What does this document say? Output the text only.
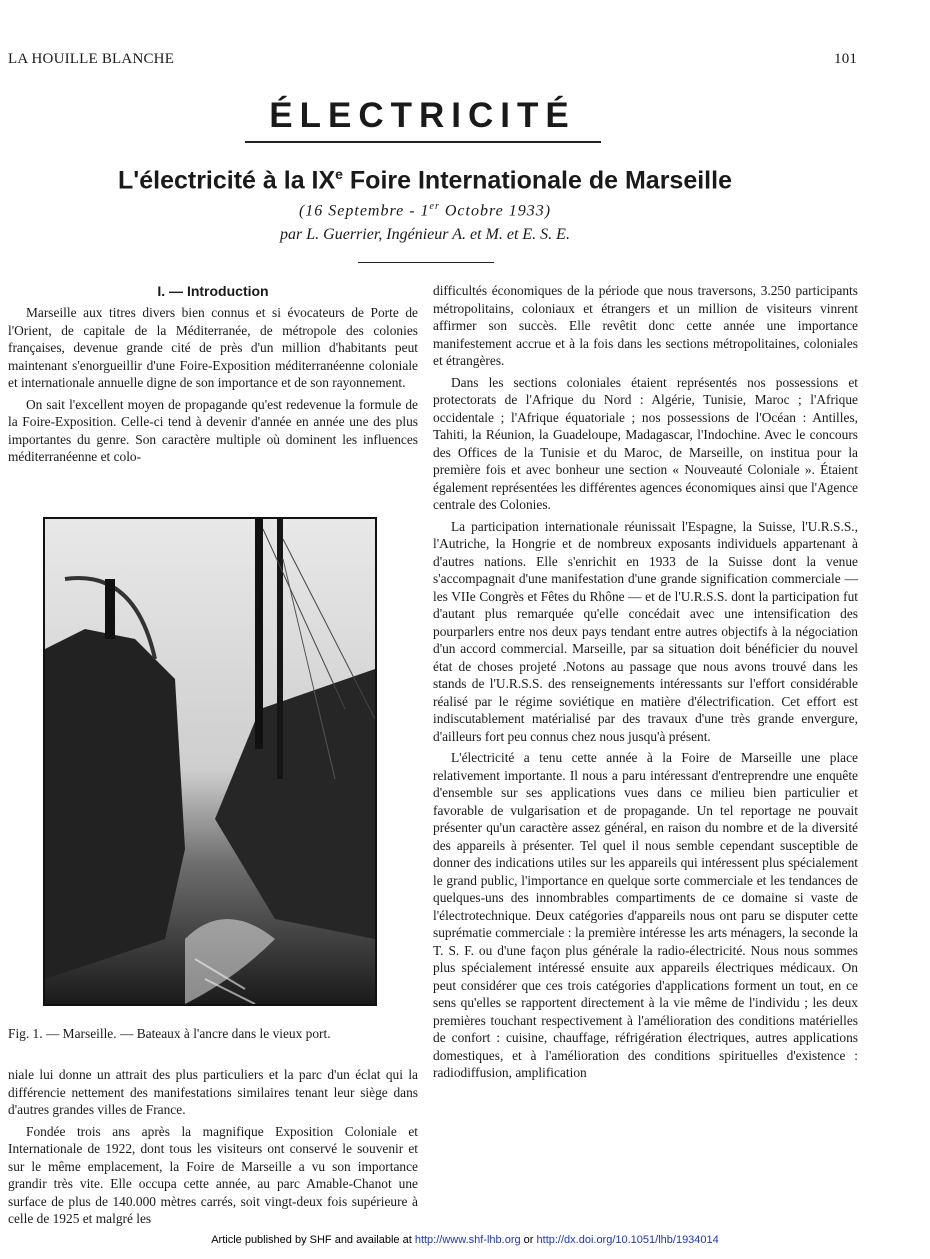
LA HOUILLE BLANCHE	101
ÉLECTRICITÉ
L'électricité à la IXe Foire Internationale de Marseille
(16 Septembre - 1er Octobre 1933)
par L. Guerrier, Ingénieur A. et M. et E. S. E.
I. — Introduction

Marseille aux titres divers bien connus et si évocateurs de Porte de l'Orient, de capitale de la Méditerranée, de métropole des colonies françaises, devenue grande cité de près d'un million d'habitants peut maintenant s'enorgueillir d'une Foire-Exposition méditerranéenne coloniale et internationale annuelle digne de son importance et de son rayonnement.

On sait l'excellent moyen de propagande qu'est redevenue la formule de la Foire-Exposition. Celle-ci tend à devenir d'année en année une des plus importantes du genre. Son caractère multiple où dominent les influences méditerranéenne et colo-

Fig. 1. — Marseille. — Bateaux à l'ancre dans le vieux port.

niale lui donne un attrait des plus particuliers et la parc d'un éclat qui la différencie nettement des manifestations similaires tenant leur siège dans d'autres grandes villes de France.

Fondée trois ans après la magnifique Exposition Coloniale et Internationale de 1922, dont tous les visiteurs ont conservé le souvenir et sur le même emplacement, la Foire de Marseille a vu son importance grandir très vite. Elle occupa cette année, au parc Amable-Chanot une surface de plus de 140.000 mètres carrés, soit vingt-deux fois supérieure à celle de 1925 et malgré les

difficultés économiques de la période que nous traversons, 3.250 participants métropolitains, coloniaux et étrangers et un million de visiteurs vinrent affirmer son succès. Elle revêtit donc cette année une importance manifestement accrue et à la fois dans les sections métropolitaines, coloniales et étrangères.

Dans les sections coloniales étaient représentés nos possessions et protectorats de l'Afrique du Nord : Algérie, Tunisie, Maroc ; l'Afrique occidentale ; l'Afrique équatoriale ; nos possessions de l'Océan : Antilles, Tahiti, la Réunion, la Guadeloupe, Madagascar, l'Indochine. Avec le concours des Offices de la Tunisie et du Maroc, de Marseille, on institua pour la première fois et avec bonheur une section « Nouveauté Coloniale ». Étaient également représentées les différentes agences économiques ainsi que l'Agence centrale des Colonies.

La participation internationale réunissait l'Espagne, la Suisse, l'U.R.S.S., l'Autriche, la Hongrie et de nombreux exposants individuels appartenant à d'autres nations. Elle s'enrichit en 1933 de la Suisse dont la venue s'accompagnait d'une manifestation d'une grande signification commerciale — les VIIe Congrès et Fêtes du Rhône — et de l'U.R.S.S. dont la participation fut d'autant plus remarquée qu'elle concédait avec une intensification des pourparlers entre nos deux pays tendant entre autres objectifs à la négociation d'un accord commercial. Marseille, par sa situation doit bénéficier du nouvel état de choses projeté .Notons au passage que nous avons trouvé dans les stands de l'U.R.S.S. des renseignements intéressants sur l'effort considérable réalisé par le régime soviétique en matière d'électrification. Cet effort est indiscutablement matérialisé par des travaux d'une très grande envergure, d'ailleurs fort peu connus chez nous jusqu'à présent.

L'électricité a tenu cette année à la Foire de Marseille une place relativement importante. Il nous a paru intéressant d'entreprendre une enquête d'ensemble sur ses applications vues dans ce milieu bien particulier et favorable de vulgarisation et de propagande. Un tel reportage ne pouvait présenter qu'un caractère assez général, en raison du nombre et de la diversité des appareils à présenter. Tel quel il nous semble cependant susceptible de donner des indications utiles sur les appareils qui intéressent plus spécialement le grand public, l'importance en quelque sorte commerciale et les tendances de quelques-uns des innombrables compartiments de ce domaine si vaste de l'électrotechnique. Deux catégories d'appareils nous ont paru se disputer cette suprématie commerciale : la première intéresse les arts ménagers, la seconde la T. S. F. ou d'une façon plus générale la radio-électricité. Nous nous sommes plus spécialement intéressé ensuite aux appareils électriques médicaux. On peut considérer que ces trois catégories d'applications forment un tout, en ce sens qu'elles se rapportent directement à la vie même de l'individu ; les deux premières touchant respectivement à l'amélioration des conditions matérielles de confort : cuisine, chauffage, réfrigération électriques, autres applications domestiques, et à l'amélioration des conditions spirituelles d'existence : radiodiffusion, amplification

Article published by SHF and available at http://www.shf-lhb.org or http://dx.doi.org/10.1051/lhb/1934014
